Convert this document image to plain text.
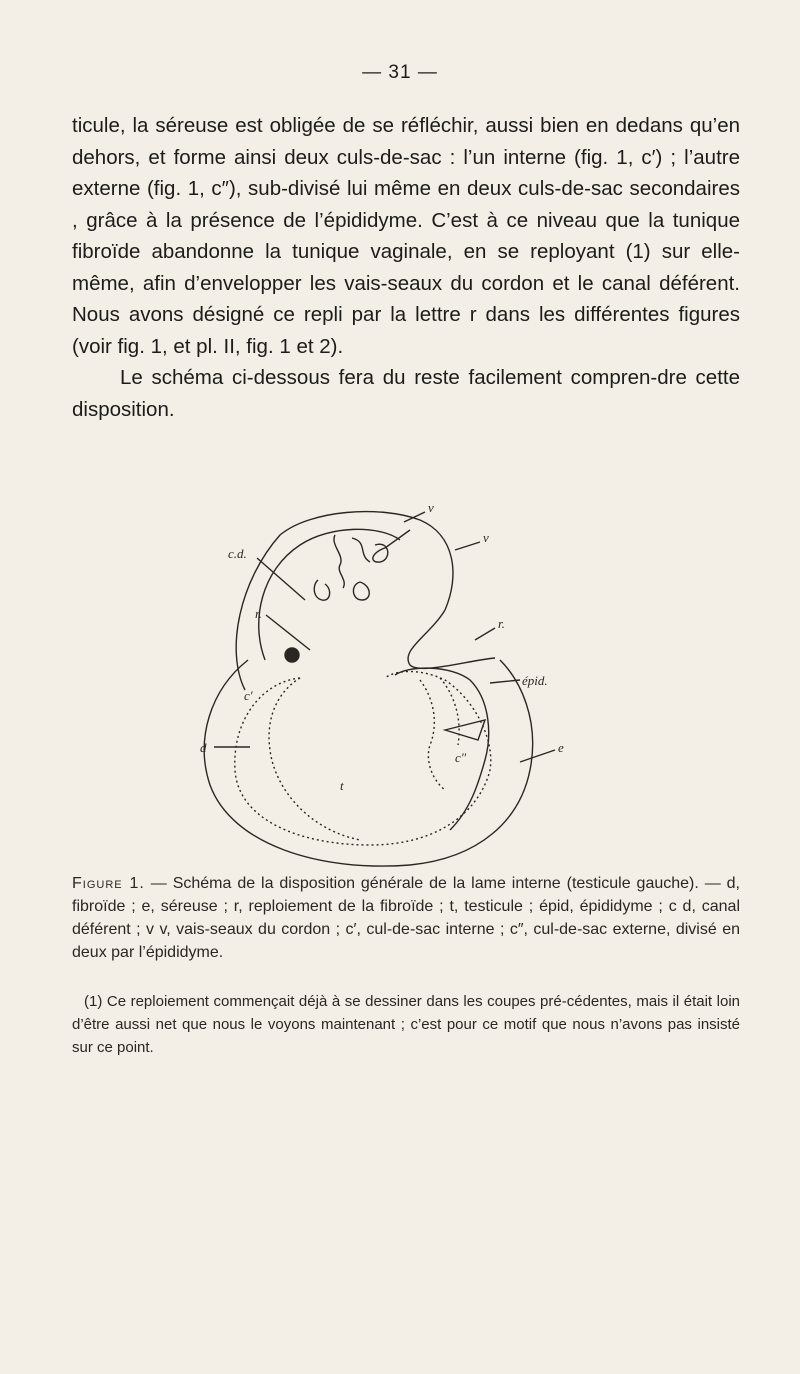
— 31 —

ticule, la séreuse est obligée de se réfléchir, aussi bien en dedans qu’en dehors, et forme ainsi deux culs-de-sac : l’un interne (fig. 1, c′) ; l’autre externe (fig. 1, c″), sub-divisé lui même en deux culs-de-sac secondaires , grâce à la présence de l’épididyme. C’est à ce niveau que la tunique fibroïde abandonne la tunique vaginale, en se reployant (1) sur elle-même, afin d’envelopper les vais-seaux du cordon et le canal déférent. Nous avons désigné ce repli par la lettre r dans les différentes figures (voir fig. 1, et pl. II, fig. 1 et 2).

Le schéma ci-dessous fera du reste facilement compren-dre cette disposition.

c.d.
r.
v
v
r.
épid.
c′
c″
e
t
d
Figure 1. — Schéma de la disposition générale de la lame interne (testicule gauche). — d, fibroïde ; e, séreuse ; r, reploiement de la fibroïde ; t, testicule ; épid, épididyme ; c d, canal déférent ; v v, vais-seaux du cordon ; c′, cul-de-sac interne ; c″, cul-de-sac externe, divisé en deux par l’épididyme.

(1) Ce reploiement commençait déjà à se dessiner dans les coupes pré-cédentes, mais il était loin d’être aussi net que nous le voyons maintenant ; c’est pour ce motif que nous n’avons pas insisté sur ce point.
